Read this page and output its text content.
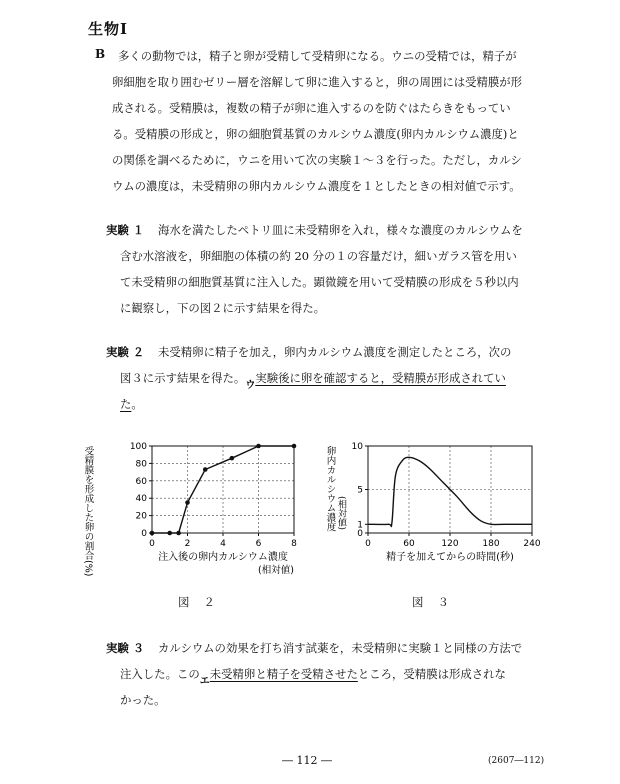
生物Ⅰ
B 多くの動物では，精子と卵が受精して受精卵になる。ウニの受精では，精子が
卵細胞を取り囲むゼリー層を溶解して卵に進入すると，卵の周囲には受精膜が形
成される。受精膜は，複数の精子が卵に進入するのを防ぐはたらきをもってい
る。受精膜の形成と，卵の細胞質基質のカルシウム濃度(卵内カルシウム濃度)と
の関係を調べるために，ウニを用いて次の実験１〜３を行った。ただし，カルシ
ウムの濃度は，未受精卵の卵内カルシウム濃度を１としたときの相対値で示す。
実験 １ 海水を満たしたペトリ皿に未受精卵を入れ，様々な濃度のカルシウムを
含む水溶液を，卵細胞の体積の約 20 分の１の容量だけ，細いガラス管を用い
て未受精卵の細胞質基質に注入した。顕微鏡を用いて受精膜の形成を５秒以内
に観察し，下の図２に示す結果を得た。
実験 ２ 未受精卵に精子を加え，卵内カルシウム濃度を測定したところ，次の
図３に示す結果を得た。ウ実験後に卵を確認すると，受精膜が形成されてい
た。
0	2	4	6	8
0
20
40
60
80
100
受精膜を形成した卵の割合(%)	注入後の卵内カルシウム濃度
(相対値)
図２
0	60	120	180	240
0
1
5
10
卵内カルシウム濃度 (相対値)
精子を加えてからの時間(秒)
図３
実験 ３ カルシウムの効果を打ち消す試薬を，未受精卵に実験１と同様の方法で
注入した。このエ未受精卵と精子を受精させたところ，受精膜は形成されな
かった。
― 112 ―	(2607―112)
